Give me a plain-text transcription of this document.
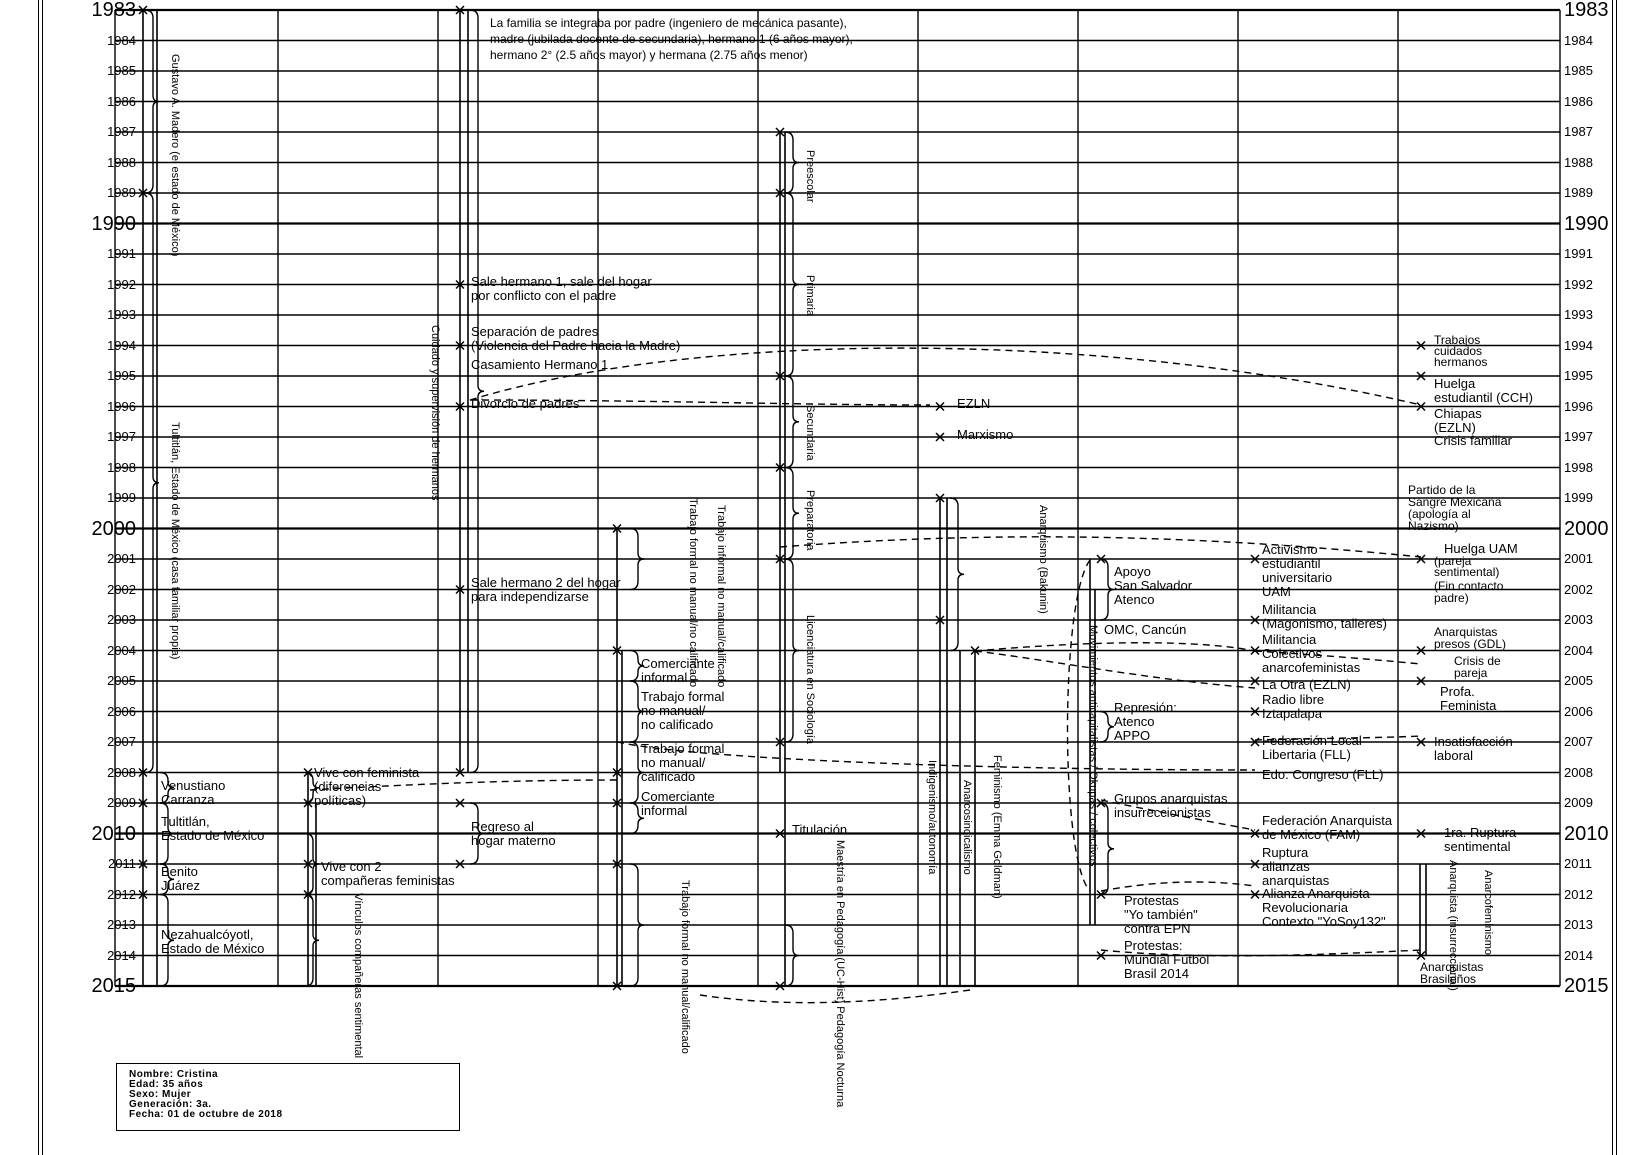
1983
1984
1985
1986
1987
1988
1989
1990
1991
1992
1993
1994
1995
1996
1997
1998
1999
2000
2001
2002
2003
2004
2005
2006
2007
2008
2009
2010
2011
2012
2013
2014
2015
1983
1984
1985
1986
1987
1988
1989
1990
1991
1992
1993
1994
1995
1996
1997
1998
1999
2000
2001
2002
2003
2004
2005
2006
2007
2008
2009
2010
2011
2012
2013
2014
2015
La familia se integraba por padre (ingeniero de mecánica pasante),
madre (jubilada docente de secundaria), hermano 1 (6 años mayor),
hermano 2° (2.5 años mayor) y hermana (2.75 años menor)
Gustavo A. Madero (el estado de México)
Tultitlán, Estado de México (casa familiar propia)
Venustiano
Carranza
Tultitlán,
Estado de México
Benito
Juárez
Nezahualcóyotl,
Estado de México
Vive con feminista
(diferencias
políticas)
Vive con 2
compañeras feministas
Vínculos compañeras sentimental
Sale hermano 1, sale del hogar
por conflicto con el padre
Separación de padres
(Violencia del Padre hacia la Madre)
Casamiento Hermano 1
Divorcio de padres
Sale hermano 2 del hogar
para independizarse
Regreso al
hogar materno
Cuidado y supervisión de hermanos
Comerciante
informal
Trabajo formal
no manual/
no calificado
Trabajo formal
no manual/
calificado
Comerciante
informal
Trabajo informal no manual/calificado
Trabajo formal no manual/no calificado
Trabajo formal no manual/calificado
Preescolar
Primaria
Secundaria
Preparatoria
Licenciatura en Sociología
Titulación
Maestría en Pedagogía (UC-Hist) Pedagogía Nocturna
EZLN
Marxismo
Anarquismo (Bakunin)
Indigenismo/autonomía Anarcosindicalismo Feminismo (Emma Goldman)
Apoyo
San Salvador
Atenco
OMC, Cancún
Represión:
Atenco
APPO
Grupos anarquistas
insurreccionistas
Protestas
"Yo también"
contra EPN
Protestas:
Mundial Fútbol
Brasil 2014
Movimientos anticapitalistas / Okupas / colectivos
Activismo
estudiantil
universitario
UAM
Militancia
(Magonismo, talleres)
Militancia
Colectivos
anarcofeministas
La Otra (EZLN)
Radio libre
Iztapalapa
Federación Local
Libertaria (FLL)
Edo. Congreso (FLL)
Federación Anarquista
de México (FAM)
Ruptura
alianzas
anarquistas
Alianza Anarquista
Revolucionaria
Contexto "YoSoy132"
Trabajos
cuidados
hermanos
Huelga
estudiantil (CCH)
Chiapas
(EZLN)
Crisis familiar
Partido de la
Sangre Mexicana
(apología al
Nazismo)
Huelga UAM
(pareja
sentimental)
(Fin contacto
padre)
Anarquistas
presos (GDL)
Crisis de
pareja
Profa.
Feminista
Insatisfacción
laboral
1ra. Ruptura
sentimental
Anarquistas
Brasileños
Anarquista (insurreccional) Anarcofeminismo
Nombre: Cristina
Edad: 35 años
Sexo: Mujer
Generación: 3a.
Fecha: 01 de octubre de 2018
